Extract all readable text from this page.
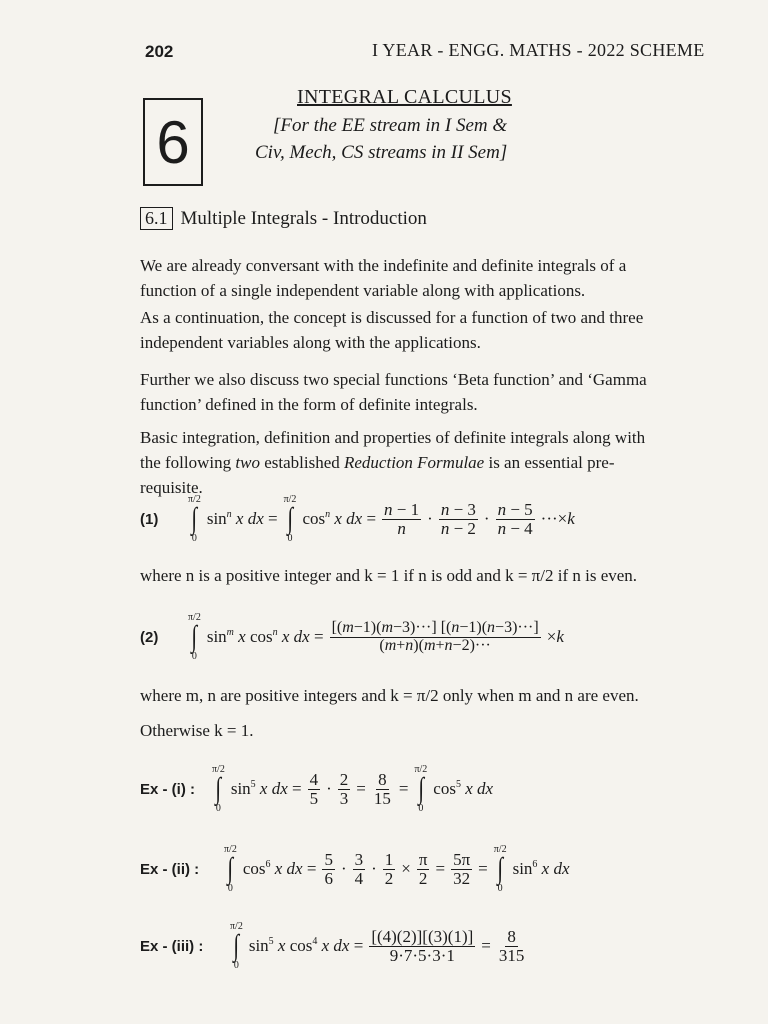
202	I YEAR - ENGG. MATHS - 2022 SCHEME
6
INTEGRAL CALCULUS
[For the EE stream in I Sem &
Civ, Mech, CS streams in II Sem]
6.1 Multiple Integrals - Introduction
We are already conversant with the indefinite and definite integrals of a function of a single independent variable along with applications.
As a continuation, the concept is discussed for a function of two and three independent variables along with the applications.
Further we also discuss two special functions ‘Beta function’ and ‘Gamma function’ defined in the form of definite integrals.
Basic integration, definition and properties of definite integrals along with the following two established Reduction Formulae is an essential pre-requisite.
(1)
π/2
∫
0
$\sin^n x$ dx =
π/2
∫
0
$\cos^n x$ dx = $\frac{n - 1}{n} \cdot \frac{n - 3}{n - 2} \cdot \frac{n - 5}{n - 4} \cdot\cdot\cdot\times k$
where n is a positive integer and k = 1 if n is odd and k = π/2 if n is even.
(2)
π/2
∫
0
$\sin^m x$ $\cos^n x$ dx = $\frac{[(m-1)(m-3)\cdot\cdot\cdot] [(n-1)(n-3)\cdot\cdot\cdot]}{(m+n)(m+n-2)\cdot\cdot\cdot} \times k$
where m, n are positive integers and k = π/2 only when m and n are even.
Otherwise k = 1.
Ex - (i) :
π/2
∫
0
$\sin^5 x$ dx = $\frac{4}{5} \cdot \frac{2}{3} = \frac{8}{15}$ =
π/2
∫
0
$\cos^5 x$ dx
Ex - (ii) :
π/2
∫
0
$\cos^6 x$ dx = $\frac{5}{6} \cdot \frac{3}{4} \cdot \frac{1}{2} \times \frac{\pi}{2} = \frac{5\pi}{32}$ =
π/2
∫
0
$\sin^6 x$ dx
Ex - (iii) :
π/2
∫
0
$\sin^5 x$ $\cos^4 x$ dx = $\frac{[(4)(2)][(3)(1)]}{9\cdot 7\cdot 5\cdot 3\cdot 1} = \frac{8}{315}$
